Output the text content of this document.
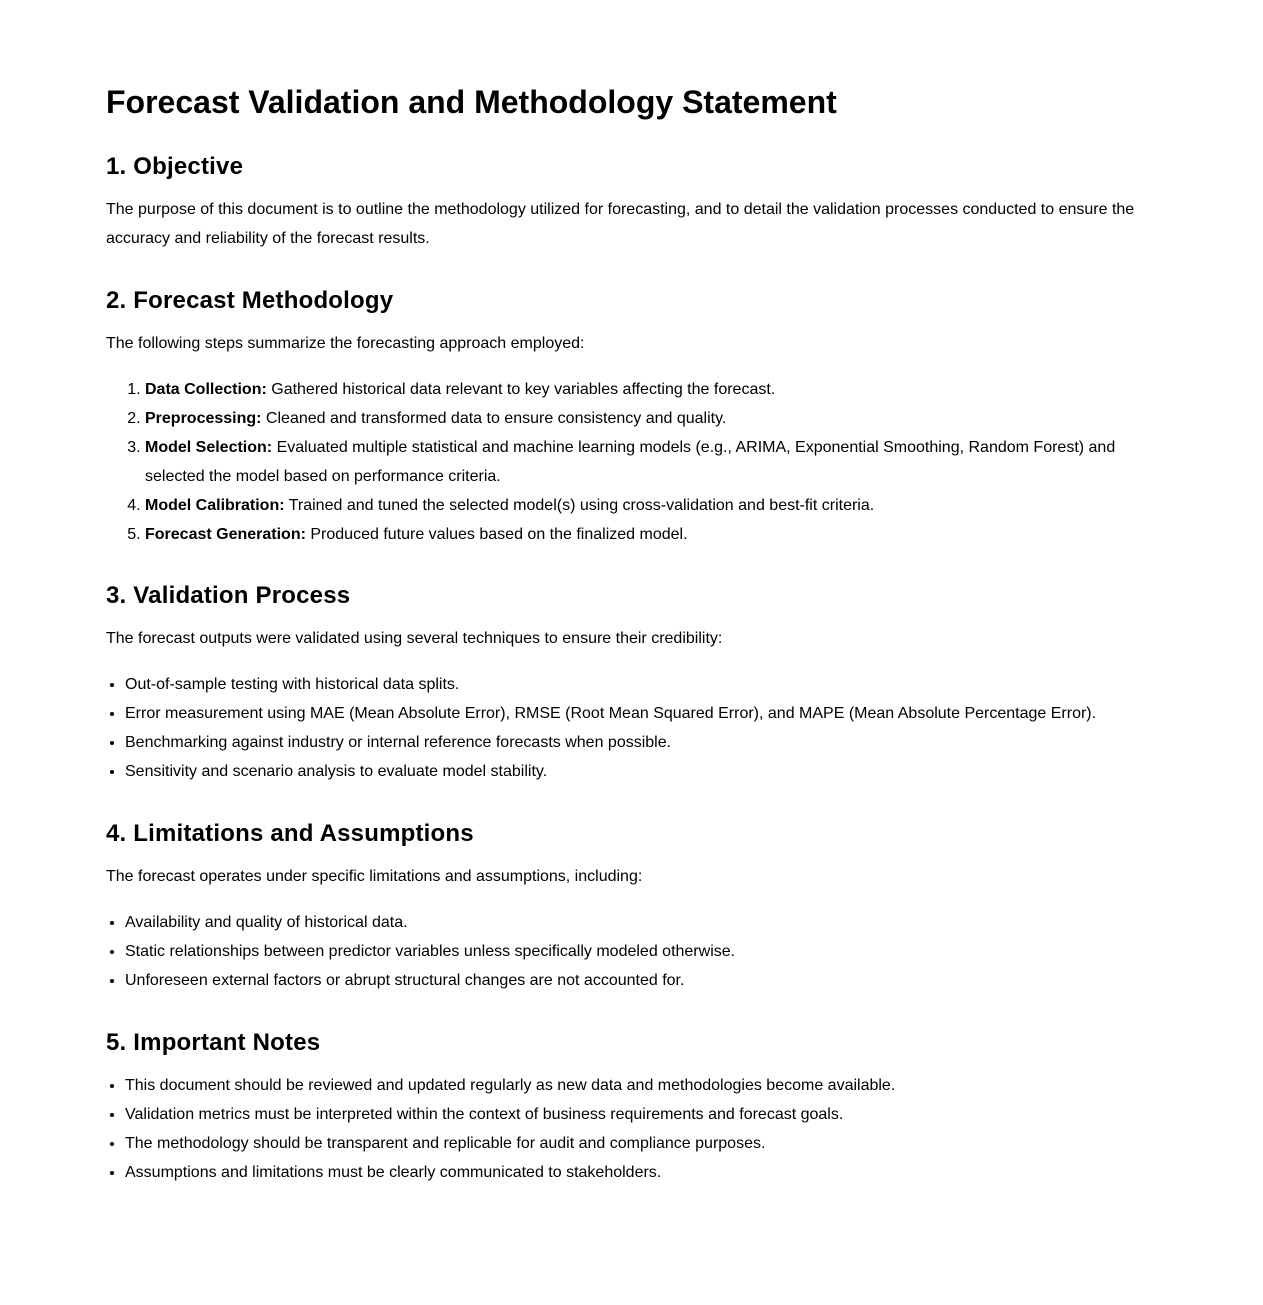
Forecast Validation and Methodology Statement
1. Objective

The purpose of this document is to outline the methodology utilized for forecasting, and to detail the validation processes conducted to ensure the accuracy and reliability of the forecast results.

2. Forecast Methodology

The following steps summarize the forecasting approach employed:

1. Data Collection: Gathered historical data relevant to key variables affecting the forecast.
2. Preprocessing: Cleaned and transformed data to ensure consistency and quality.
3. Model Selection: Evaluated multiple statistical and machine learning models (e.g., ARIMA, Exponential Smoothing, Random Forest) and selected the model based on performance criteria.
4. Model Calibration: Trained and tuned the selected model(s) using cross-validation and best-fit criteria.
5. Forecast Generation: Produced future values based on the finalized model.
3. Validation Process

The forecast outputs were validated using several techniques to ensure their credibility:

• Out-of-sample testing with historical data splits.
• Error measurement using MAE (Mean Absolute Error), RMSE (Root Mean Squared Error), and MAPE (Mean Absolute Percentage Error).
• Benchmarking against industry or internal reference forecasts when possible.
• Sensitivity and scenario analysis to evaluate model stability.
4. Limitations and Assumptions

The forecast operates under specific limitations and assumptions, including:

• Availability and quality of historical data.
• Static relationships between predictor variables unless specifically modeled otherwise.
• Unforeseen external factors or abrupt structural changes are not accounted for.
5. Important Notes
• This document should be reviewed and updated regularly as new data and methodologies become available.
• Validation metrics must be interpreted within the context of business requirements and forecast goals.
• The methodology should be transparent and replicable for audit and compliance purposes.
• Assumptions and limitations must be clearly communicated to stakeholders.
